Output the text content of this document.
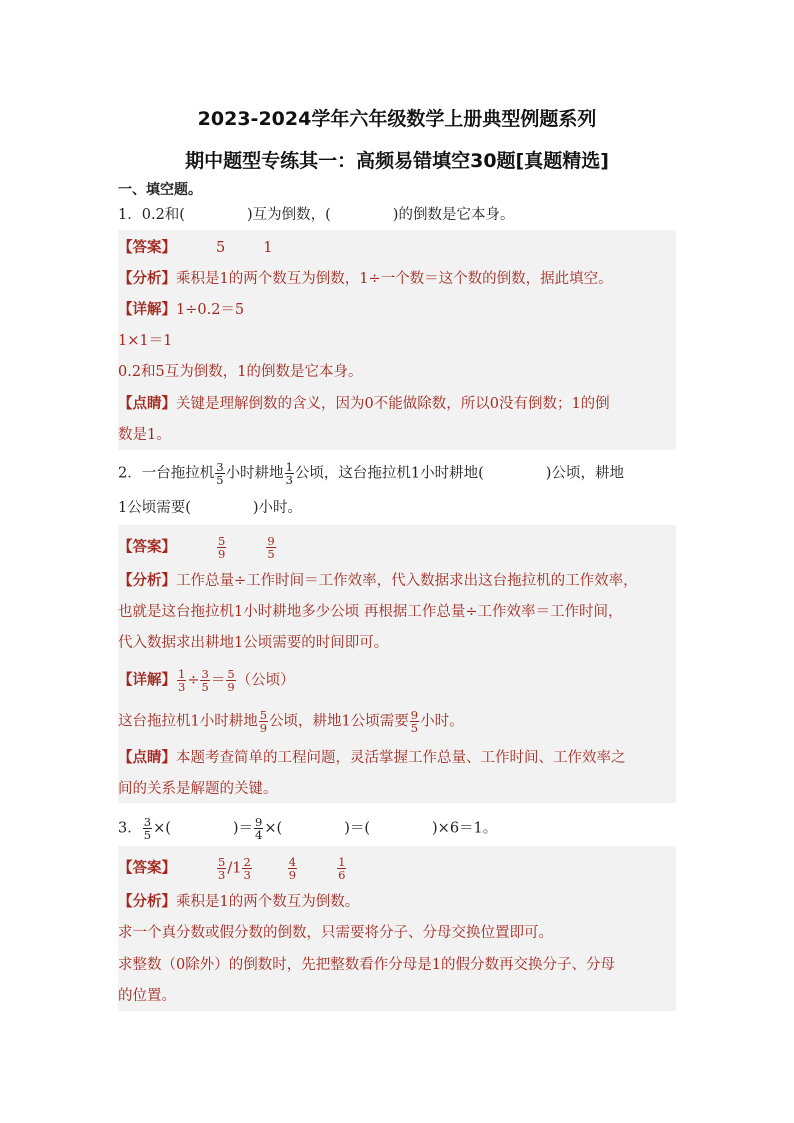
2023-2024学年六年级数学上册典型例题系列
期中题型专练其一：高频易错填空30题[真题精选]
一、填空题。
1．0.2和(	)互为倒数，(	)的倒数是它本身。
【答案】	5	1
【分析】乘积是1的两个数互为倒数，1÷一个数＝这个数的倒数，据此填空。
【详解】1÷0.2＝5
1×1＝1
0.2和5互为倒数，1的倒数是它本身。
【点睛】关键是理解倒数的含义，因为0不能做除数，所以0没有倒数；1的倒
数是1。
2．一台拖拉机 $\frac{3}{5}$ 小时耕地 $\frac{1}{3}$ 公顷，这台拖拉机1小时耕地(	)公顷，耕地
1公顷需要(	)小时。
【答案】	$\frac{5}{9}$	$\frac{9}{5}$
【分析】工作总量÷工作时间＝工作效率，代入数据求出这台拖拉机的工作效率，
也就是这台拖拉机1小时耕地多少公顷 再根据工作总量÷工作效率＝工作时间，
代入数据求出耕地1公顷需要的时间即可。
【详解】 $\frac{1}{3} \div \frac{3}{5} = \frac{5}{9}$ （公顷）
这台拖拉机1小时耕地 $\frac{5}{9}$ 公顷，耕地1公顷需要 $\frac{9}{5}$ 小时。
【点睛】本题考查简单的工程问题，灵活掌握工作总量、工作时间、工作效率之
间的关系是解题的关键。
3． $\frac{3}{5}$ ×(	)＝ $\frac{9}{4}$ ×(	)＝(	)×6＝1。
【答案】	$\frac{5}{3} /1 \frac{2}{3}$	$\frac{4}{9}$	$\frac{1}{6}$
【分析】乘积是1的两个数互为倒数。
求一个真分数或假分数的倒数，只需要将分子、分母交换位置即可。
求整数（0除外）的倒数时，先把整数看作分母是1的假分数再交换分子、分母
的位置。
